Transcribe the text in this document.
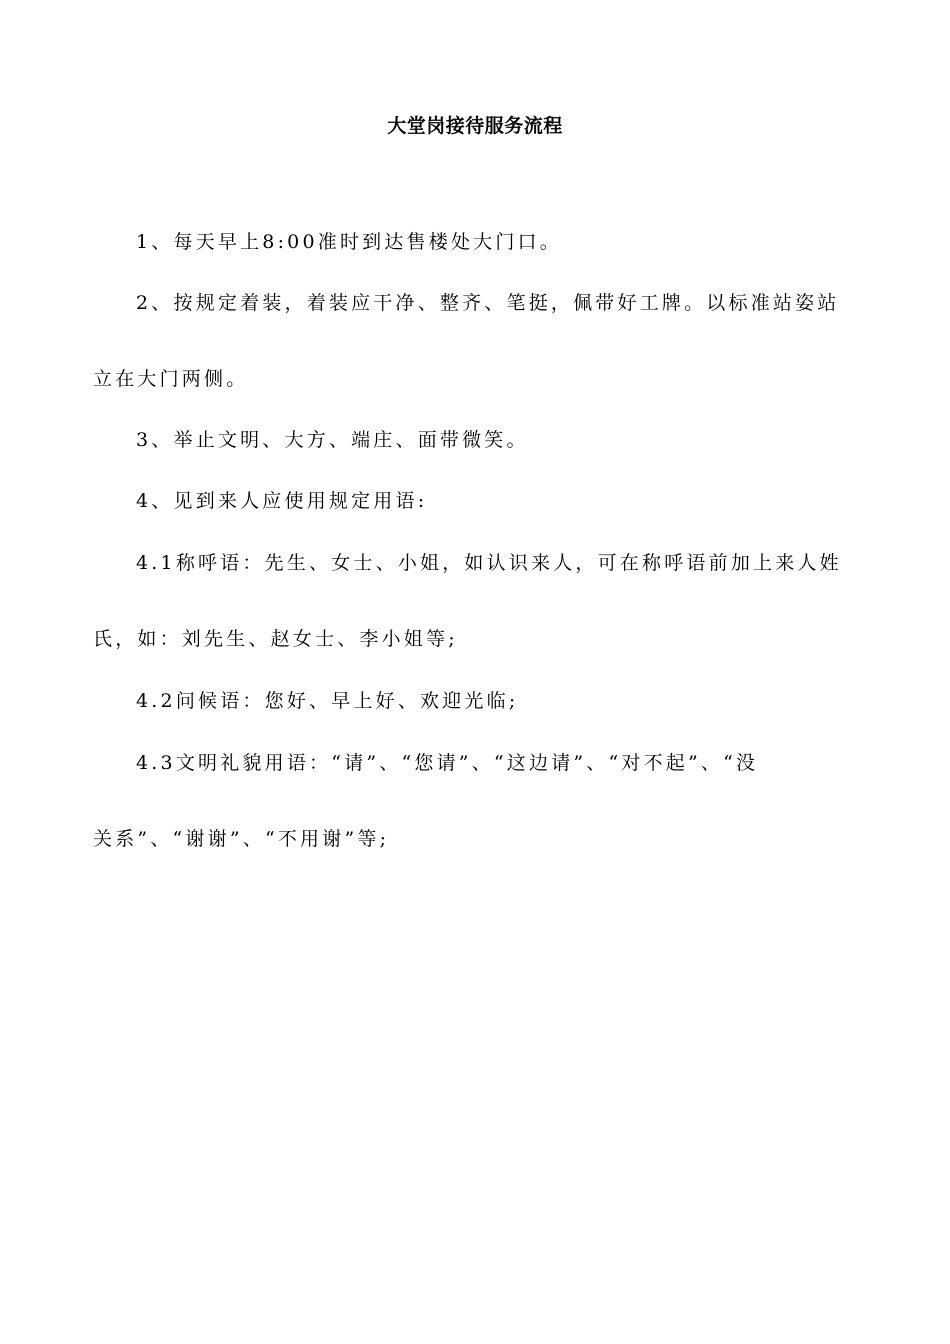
大堂岗接待服务流程
1、每天早上8:00准时到达售楼处大门口。
2、按规定着装，着装应干净、整齐、笔挺，佩带好工牌。以标准站姿站
立在大门两侧。
3、举止文明、大方、端庄、面带微笑。
4、见到来人应使用规定用语:
4.1称呼语：先生、女士、小姐，如认识来人，可在称呼语前加上来人姓
氏，如：刘先生、赵女士、李小姐等;
4.2问候语：您好、早上好、欢迎光临;
4.3文明礼貌用语：“请”、“您请”、“这边请”、“对不起”、“没
关系”、“谢谢”、“不用谢”等;
